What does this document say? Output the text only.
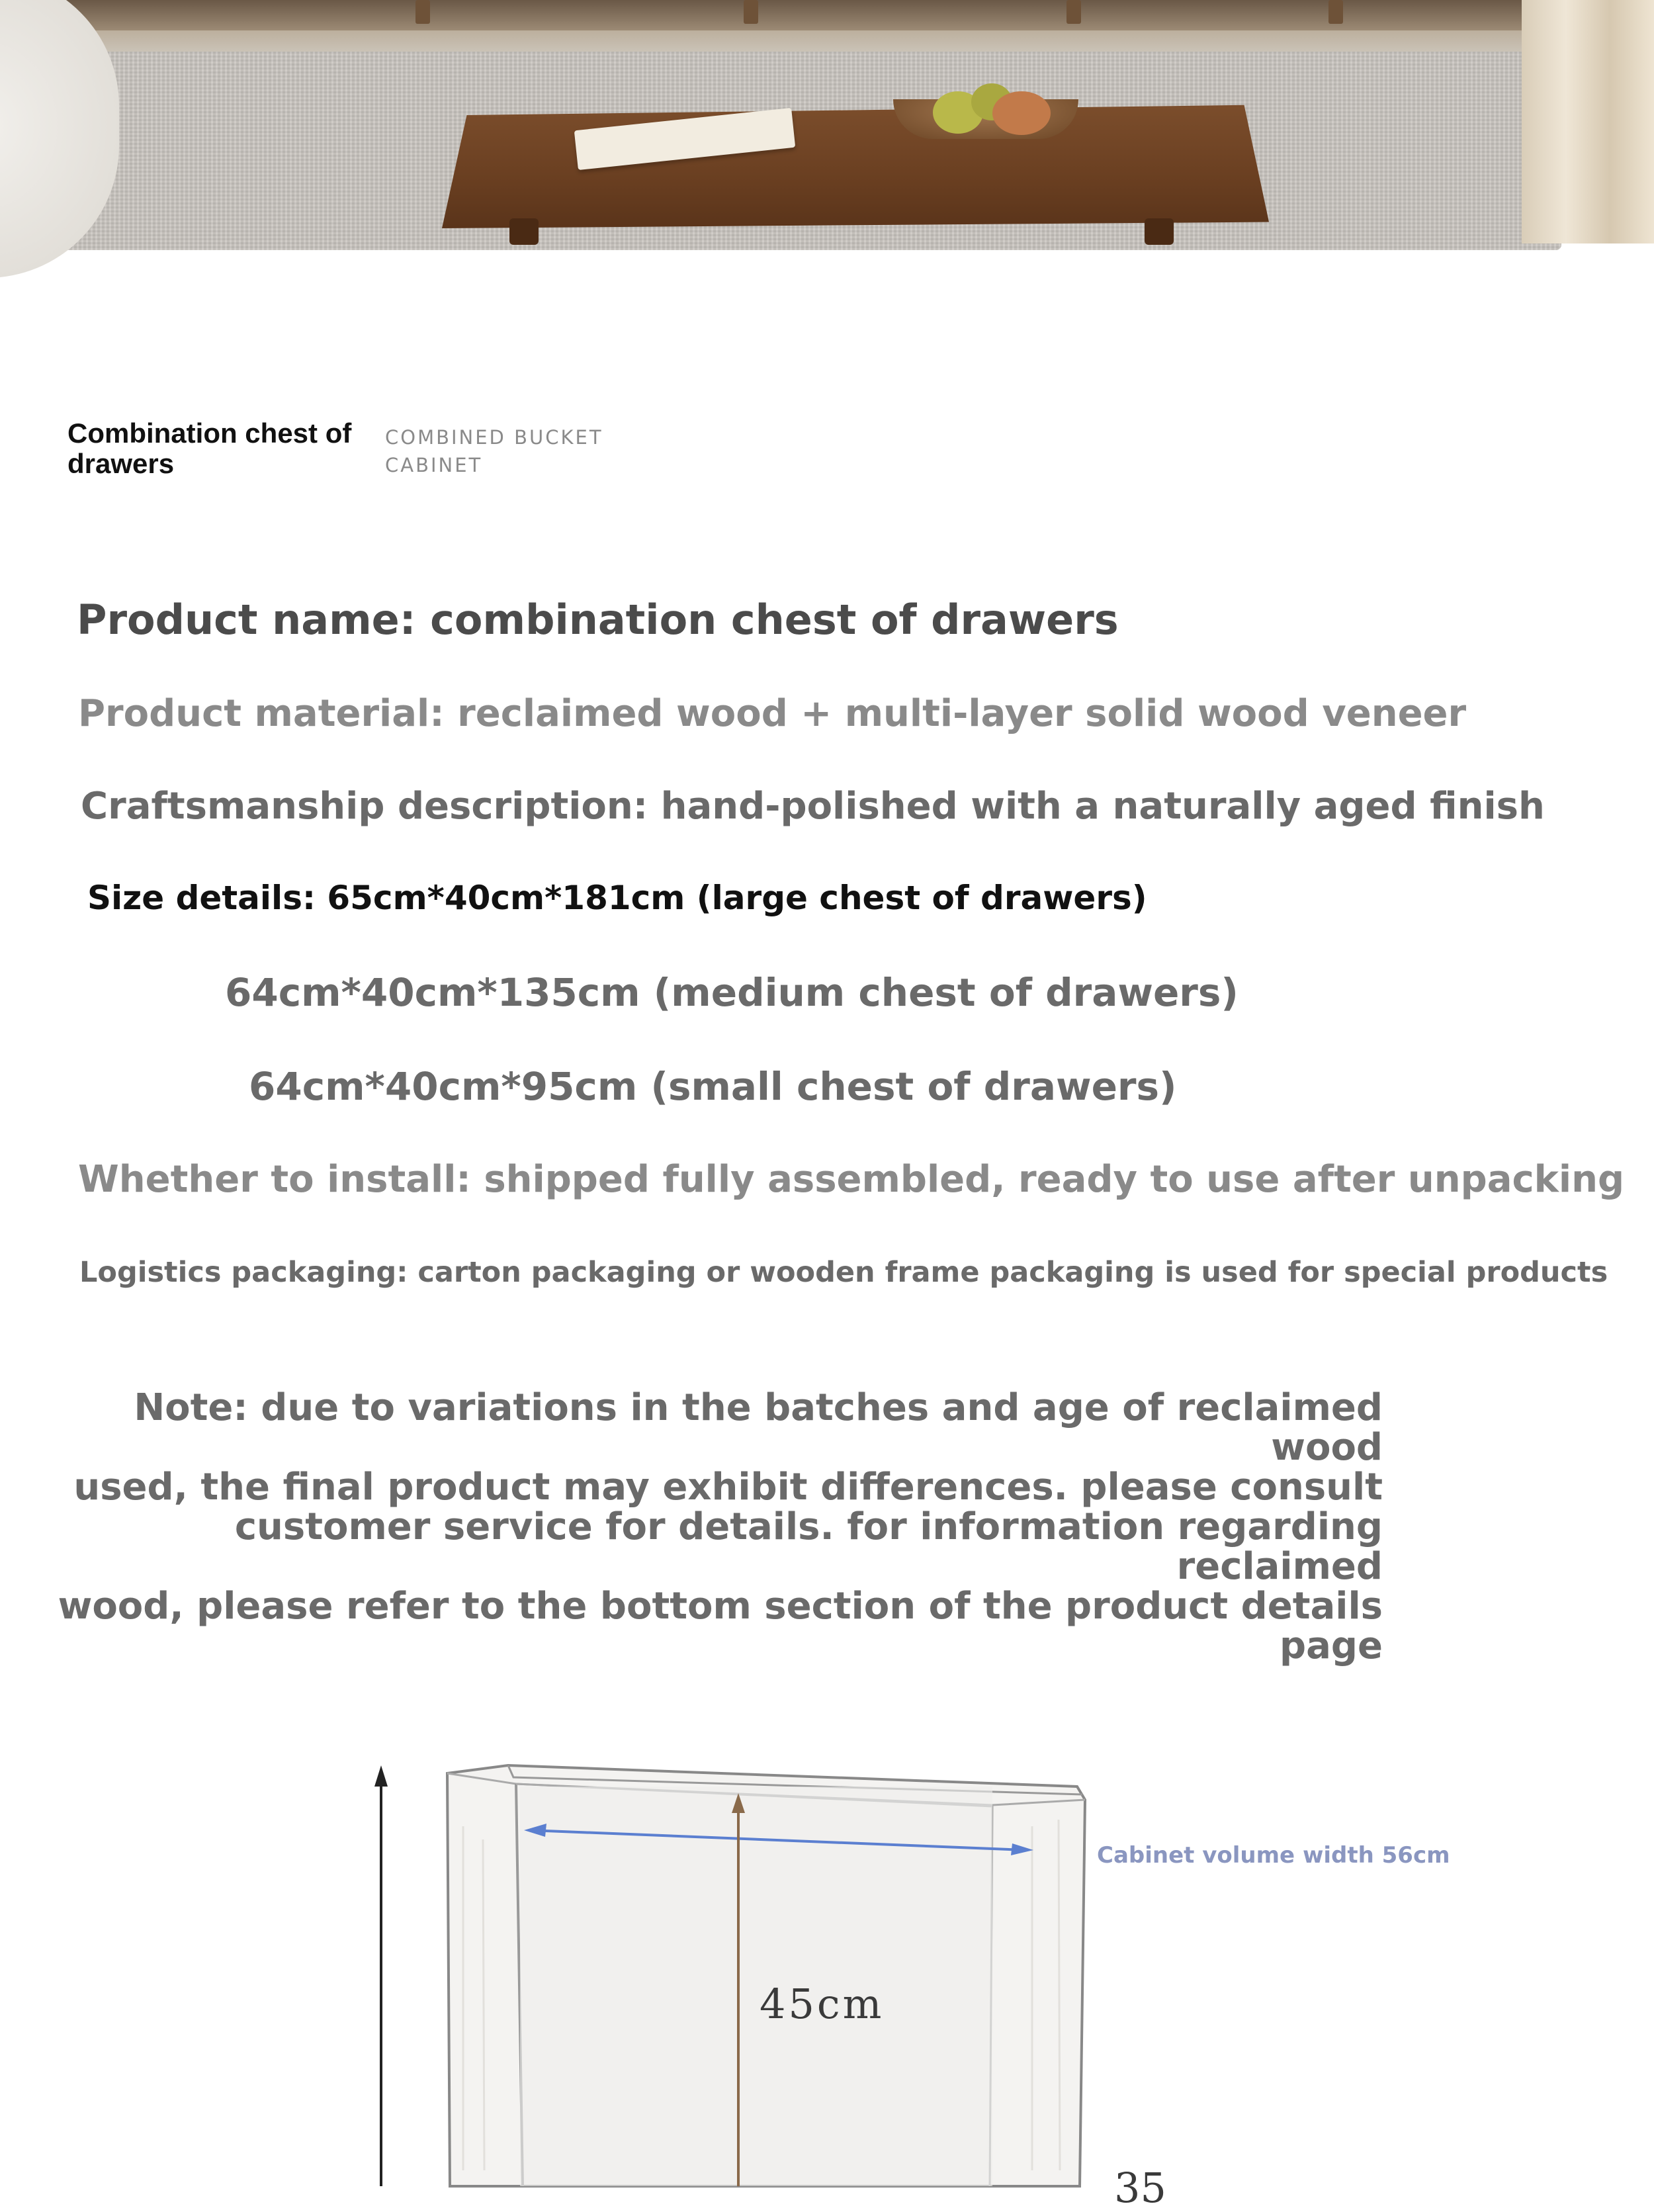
Combination chest of drawers
COMBINED BUCKET CABINET
Product name: combination chest of drawers
Product material: reclaimed wood + multi-layer solid wood veneer
Craftsmanship description: hand-polished with a naturally aged finish
Size details: 65cm*40cm*181cm (large chest of drawers)
64cm*40cm*135cm (medium chest of drawers)
64cm*40cm*95cm (small chest of drawers)
Whether to install: shipped fully assembled, ready to use after unpacking
Logistics packaging: carton packaging or wooden frame packaging is used for special products
Note: due to variations in the batches and age of reclaimed wood
used, the final product may exhibit differences. please consult
customer service for details. for information regarding reclaimed
wood, please refer to the bottom section of the product details page
Cabinet volume width 56cm
45cm
35
